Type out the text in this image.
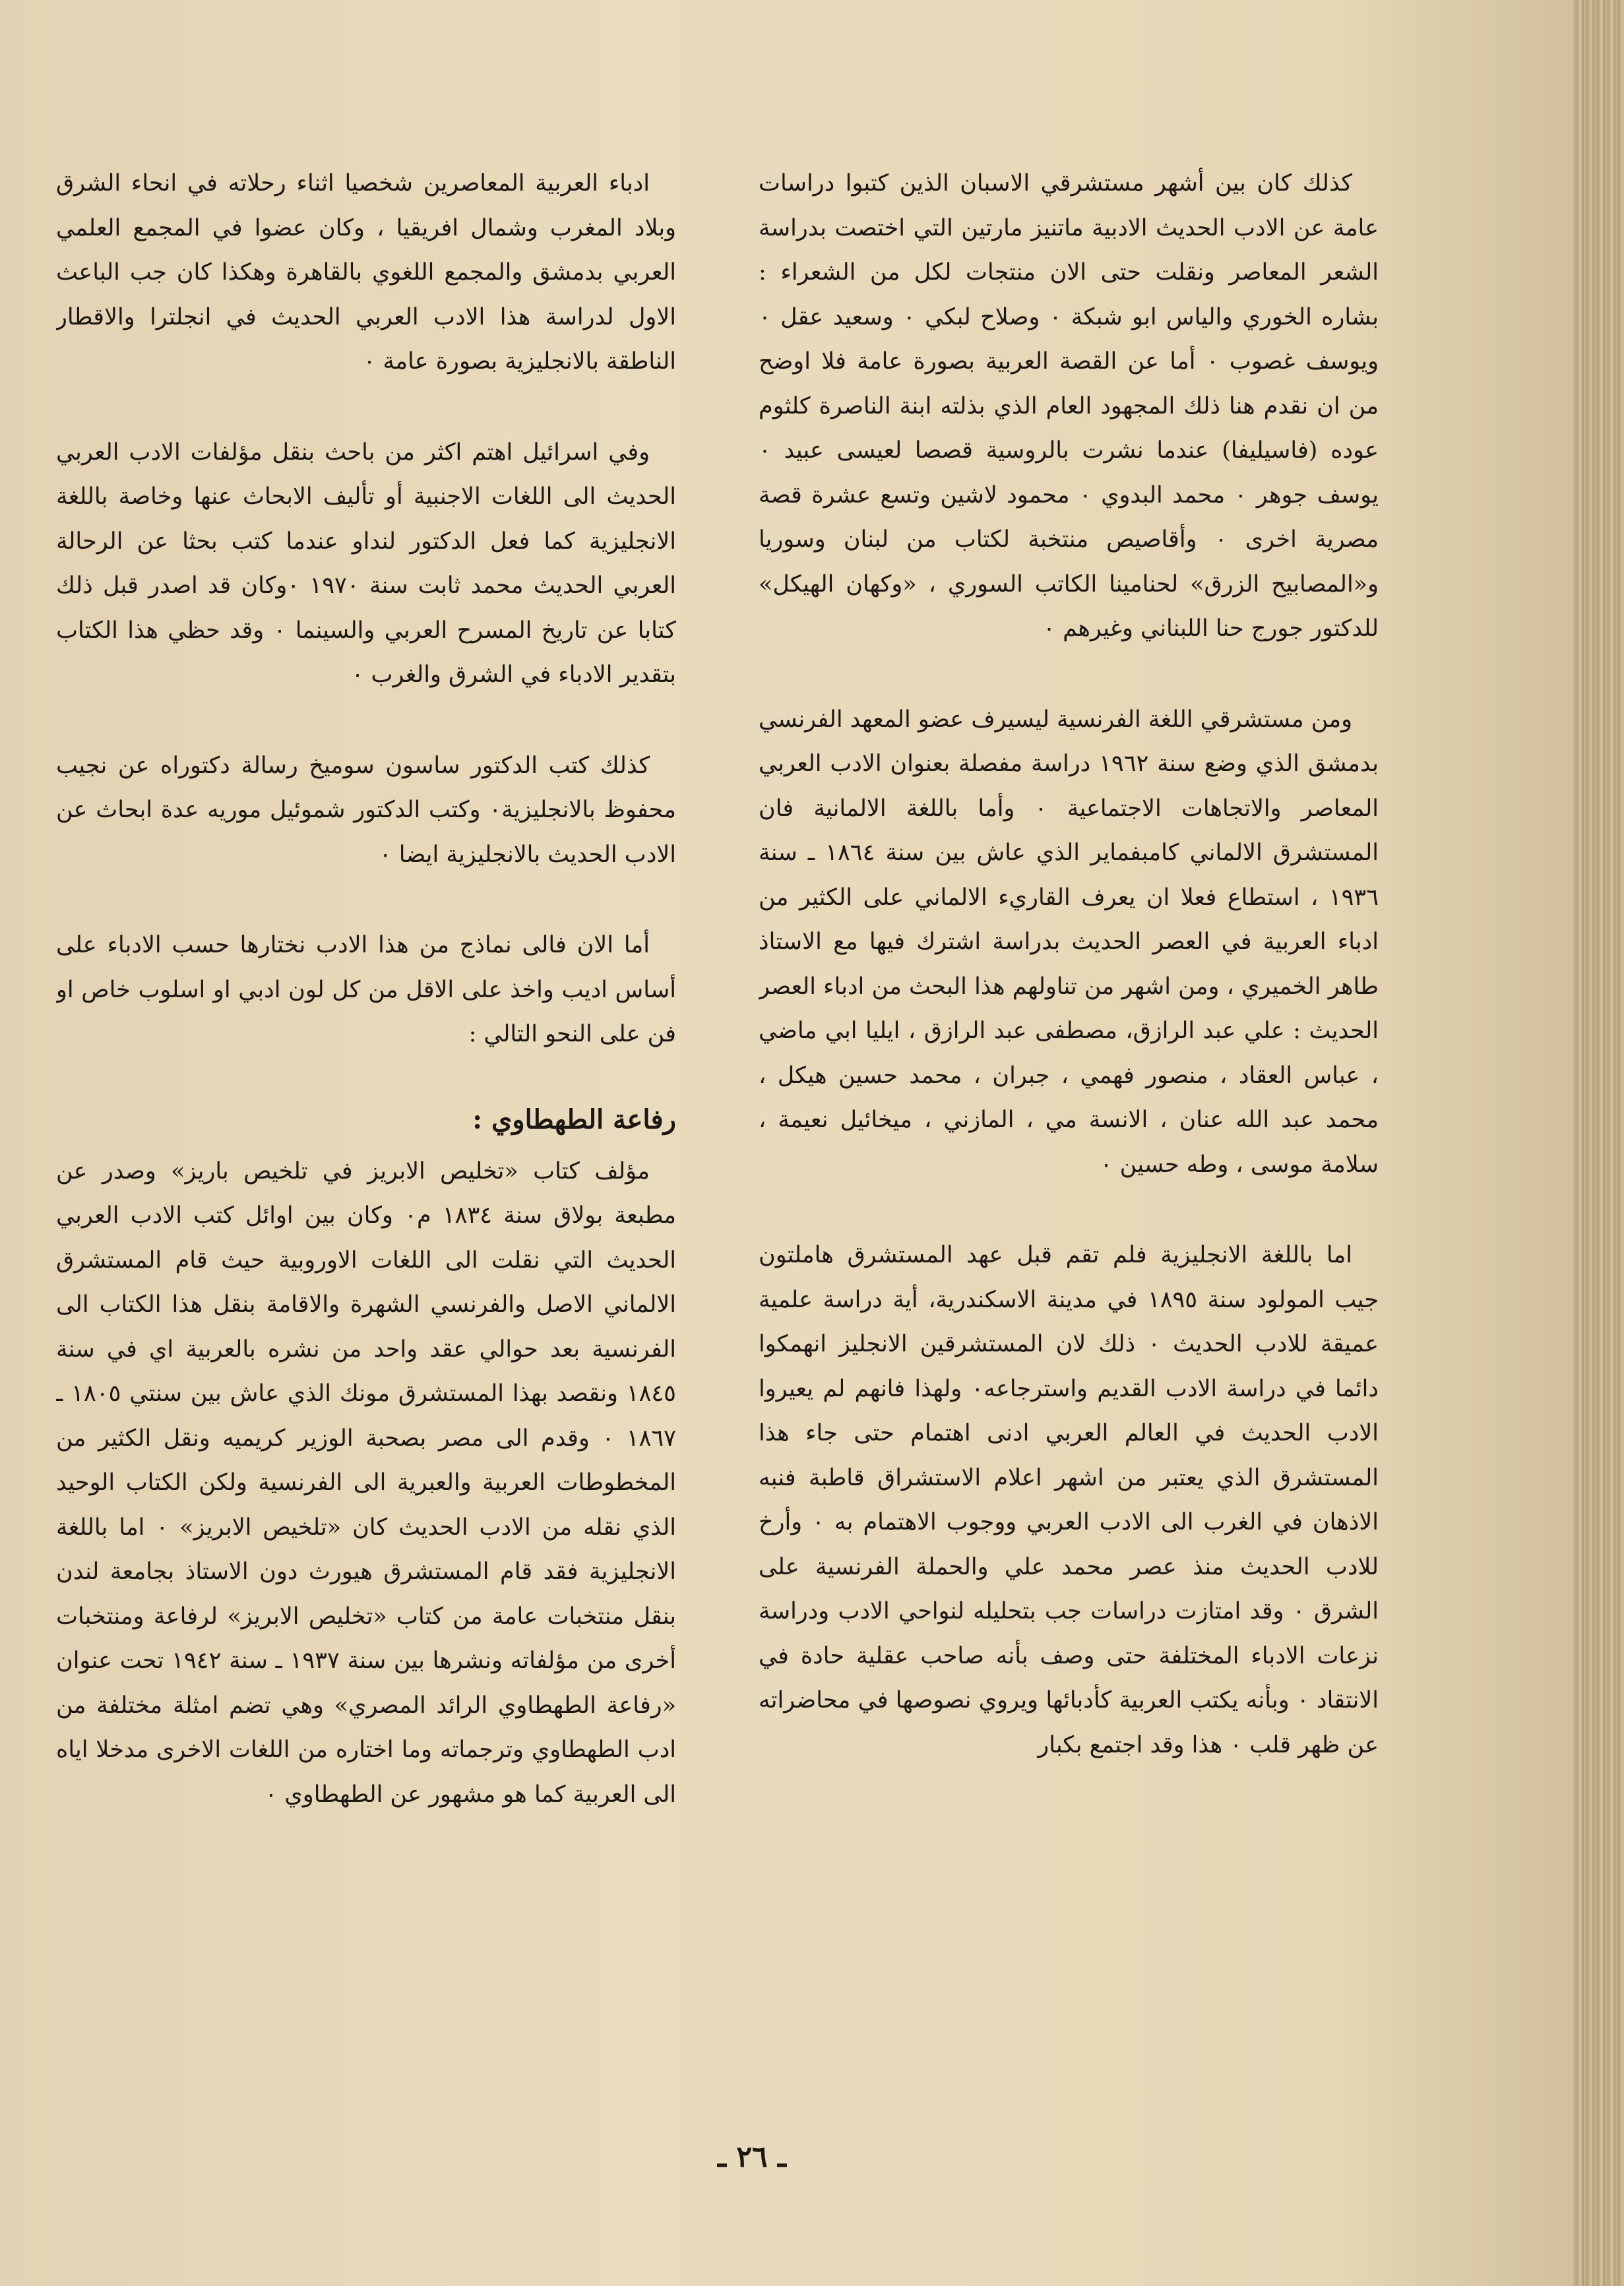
كذلك كان بين أشهر مستشرقي الاسبان الذين كتبوا دراسات عامة عن الادب الحديث الادبية ماتنيز مارتين التي اختصت بدراسة الشعر المعاصر ونقلت حتى الان منتجات لكل من الشعراء : بشاره الخوري والياس ابو شبكة ٠ وصلاح لبكي ٠ وسعيد عقل ٠ ويوسف غصوب ٠ أما عن القصة العربية بصورة عامة فلا اوضح من ان نقدم هنا ذلك المجهود العام الذي بذلته ابنة الناصرة كلثوم عوده (فاسيليفا) عندما نشرت بالروسية قصصا لعيسى عبيد ٠ يوسف جوهر ٠ محمد البدوي ٠ محمود لاشين وتسع عشرة قصة مصرية اخرى ٠ وأقاصيص منتخبة لكتاب من لبنان وسوريا و«المصابيح الزرق» لحنامينا الكاتب السوري ، «وكهان الهيكل» للدكتور جورج حنا اللبناني وغيرهم ٠

ومن مستشرقي اللغة الفرنسية ليسيرف عضو المعهد الفرنسي بدمشق الذي وضع سنة ١٩٦٢ دراسة مفصلة بعنوان الادب العربي المعاصر والاتجاهات الاجتماعية ٠ وأما باللغة الالمانية فان المستشرق الالماني كامبفماير الذي عاش بين سنة ١٨٦٤ ـ سنة ١٩٣٦ ، استطاع فعلا ان يعرف القاريء الالماني على الكثير من ادباء العربية في العصر الحديث بدراسة اشترك فيها مع الاستاذ طاهر الخميري ، ومن اشهر من تناولهم هذا البحث من ادباء العصر الحديث : علي عبد الرازق، مصطفى عبد الرازق ، ايليا ابي ماضي ، عباس العقاد ، منصور فهمي ، جبران ، محمد حسين هيكل ، محمد عبد الله عنان ، الانسة مي ، المازني ، ميخائيل نعيمة ، سلامة موسى ، وطه حسين ٠

اما باللغة الانجليزية فلم تقم قبل عهد المستشرق هاملتون جيب المولود سنة ١٨٩٥ في مدينة الاسكندرية، أية دراسة علمية عميقة للادب الحديث ٠ ذلك لان المستشرقين الانجليز انهمكوا دائما في دراسة الادب القديم واسترجاعه٠ ولهذا فانهم لم يعيروا الادب الحديث في العالم العربي ادنى اهتمام حتى جاء هذا المستشرق الذي يعتبر من اشهر اعلام الاستشراق قاطبة فنبه الاذهان في الغرب الى الادب العربي ووجوب الاهتمام به ٠ وأرخ للادب الحديث منذ عصر محمد علي والحملة الفرنسية على الشرق ٠ وقد امتازت دراسات جب بتحليله لنواحي الادب ودراسة نزعات الادباء المختلفة حتى وصف بأنه صاحب عقلية حادة في الانتقاد ٠ وبأنه يكتب العربية كأدبائها ويروي نصوصها في محاضراته عن ظهر قلب ٠ هذا وقد اجتمع بكبار

ادباء العربية المعاصرين شخصيا اثناء رحلاته في انحاء الشرق وبلاد المغرب وشمال افريقيا ، وكان عضوا في المجمع العلمي العربي بدمشق والمجمع اللغوي بالقاهرة وهكذا كان جب الباعث الاول لدراسة هذا الادب العربي الحديث في انجلترا والاقطار الناطقة بالانجليزية بصورة عامة ٠

وفي اسرائيل اهتم اكثر من باحث بنقل مؤلفات الادب العربي الحديث الى اللغات الاجنبية أو تأليف الابحاث عنها وخاصة باللغة الانجليزية كما فعل الدكتور لنداو عندما كتب بحثا عن الرحالة العربي الحديث محمد ثابت سنة ١٩٧٠ ٠وكان قد اصدر قبل ذلك كتابا عن تاريخ المسرح العربي والسينما ٠ وقد حظي هذا الكتاب بتقدير الادباء في الشرق والغرب ٠

كذلك كتب الدكتور ساسون سوميخ رسالة دكتوراه عن نجيب محفوظ بالانجليزية٠ وكتب الدكتور شموئيل موريه عدة ابحاث عن الادب الحديث بالانجليزية ايضا ٠

أما الان فالى نماذج من هذا الادب نختارها حسب الادباء على أساس اديب واخذ على الاقل من كل لون ادبي او اسلوب خاص او فن على النحو التالي :

رفاعة الطهطاوي :

مؤلف كتاب «تخليص الابريز في تلخيص باريز» وصدر عن مطبعة بولاق سنة ١٨٣٤ م٠ وكان بين اوائل كتب الادب العربي الحديث التي نقلت الى اللغات الاوروبية حيث قام المستشرق الالماني الاصل والفرنسي الشهرة والاقامة بنقل هذا الكتاب الى الفرنسية بعد حوالي عقد واحد من نشره بالعربية اي في سنة ١٨٤٥ ونقصد بهذا المستشرق مونك الذي عاش بين سنتي ١٨٠٥ ـ ١٨٦٧ ٠ وقدم الى مصر بصحبة الوزير كريميه ونقل الكثير من المخطوطات العربية والعبرية الى الفرنسية ولكن الكتاب الوحيد الذي نقله من الادب الحديث كان «تلخيص الابريز» ٠ اما باللغة الانجليزية فقد قام المستشرق هيورث دون الاستاذ بجامعة لندن بنقل منتخبات عامة من كتاب «تخليص الابريز» لرفاعة ومنتخبات أخرى من مؤلفاته ونشرها بين سنة ١٩٣٧ ـ سنة ١٩٤٢ تحت عنوان «رفاعة الطهطاوي الرائد المصري» وهي تضم امثلة مختلفة من ادب الطهطاوي وترجماته وما اختاره من اللغات الاخرى مدخلا اياه الى العربية كما هو مشهور عن الطهطاوي ٠

ـ ٢٦ ـ
